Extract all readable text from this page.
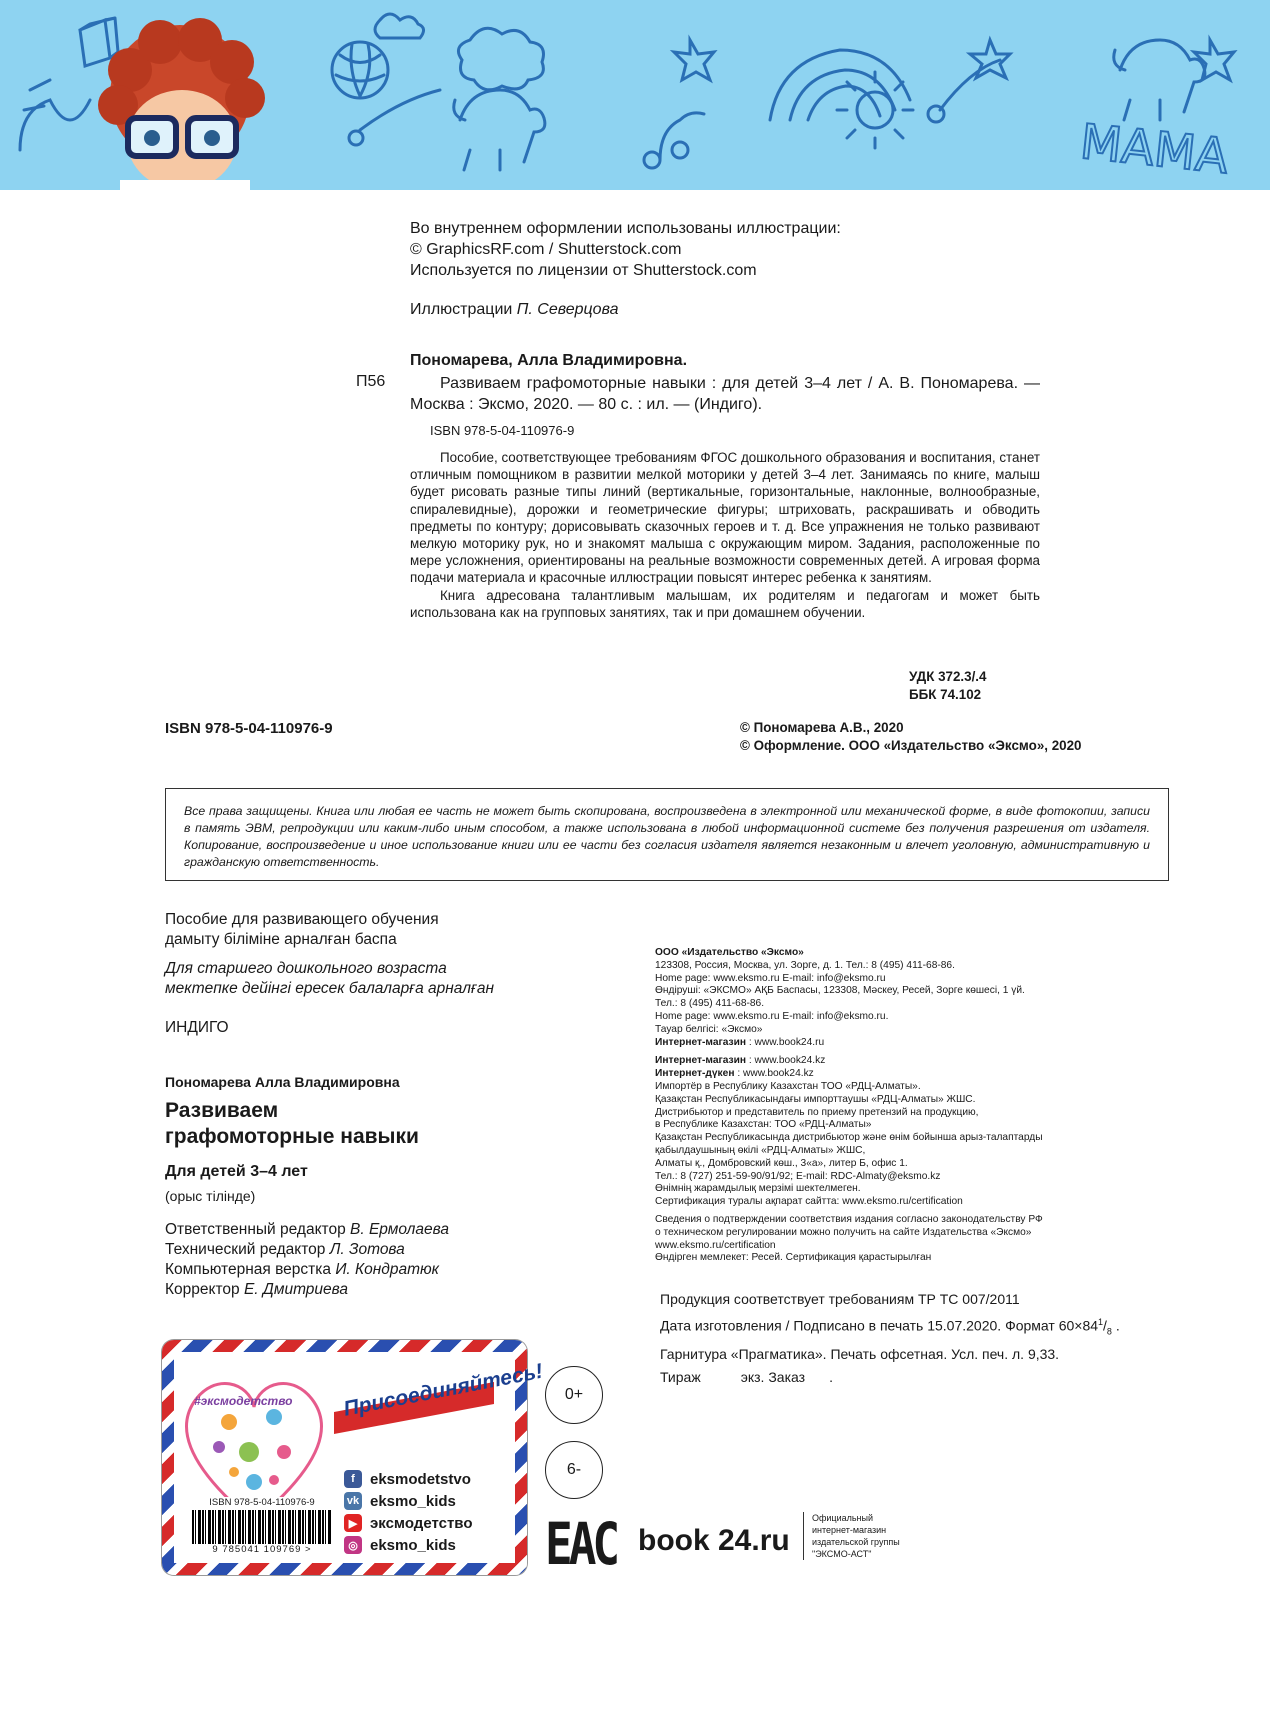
МАМА
Во внутреннем оформлении использованы иллюстрации:
© GraphicsRF.com / Shutterstock.com
Используется по лицензии от Shutterstock.com
Иллюстрации П. Северцова
Пономарева, Алла Владимировна.
П56	Развиваем графомоторные навыки : для детей 3–4 лет / А. В. Пономарева. — Москва : Эксмо, 2020. — 80 с. : ил. — (Индиго).
ISBN 978-5-04-110976-9

Пособие, соответствующее требованиям ФГОС дошкольного образования и воспитания, станет отличным помощником в развитии мелкой моторики у детей 3–4 лет. Занимаясь по книге, малыш будет рисовать разные типы линий (вертикальные, горизонтальные, наклонные, волнообразные, спиралевидные), дорожки и геометрические фигуры; штриховать, раскрашивать и обводить предметы по контуру; дорисовывать сказочных героев и т. д. Все упражнения не только развивают мелкую моторику рук, но и знакомят малыша с окружающим миром. Задания, расположенные по мере усложнения, ориентированы на реальные возможности современных детей. А игровая форма подачи материала и красочные иллюстрации повысят интерес ребенка к занятиям.

Книга адресована талантливым малышам, их родителям и педагогам и может быть использована как на групповых занятиях, так и при домашнем обучении.

УДК 372.3/.4
ББК 74.102
ISBN 978-5-04-110976-9	© Пономарева А.В., 2020
© Оформление. ООО «Издательство «Эксмо», 2020
Все права защищены. Книга или любая ее часть не может быть скопирована, воспроизведена в электронной или механической форме, в виде фотокопии, записи в память ЭВМ, репродукции или каким-либо иным способом, а также использована в любой информационной системе без получения разрешения от издателя. Копирование, воспроизведение и иное использование книги или ее части без согласия издателя является незаконным и влечет уголовную, административную и гражданскую ответственность.
Пособие для развивающего обучения
дамыту біліміне арналған баспа
Для старшего дошкольного возраста
мектепке дейінгі ересек балаларға арналған
ИНДИГО
Пономарева Алла Владимировна
Развиваем
графомоторные навыки
Для детей 3–4 лет
(орыс тілінде)
Ответственный редактор В. Ермолаева
Технический редактор Л. Зотова
Компьютерная верстка И. Кондратюк
Корректор Е. Дмитриева
ООО «Издательство «Эксмо»
123308, Россия, Москва, ул. Зорге, д. 1. Тел.: 8 (495) 411-68-86.
Home page: www.eksmo.ru E-mail: info@eksmo.ru
Өндіруші: «ЭКСМО» АҚБ Баспасы, 123308, Мәскеу, Ресей, Зорге көшесі, 1 үй.
Тел.: 8 (495) 411-68-86.
Home page: www.eksmo.ru E-mail: info@eksmo.ru.
Тауар белгісі: «Эксмо»
Интернет-магазин : www.book24.ru
Интернет-магазин : www.book24.kz
Интернет-дүкен : www.book24.kz
Импортёр в Республику Казахстан ТОО «РДЦ-Алматы».
Қазақстан Республикасындағы импорттаушы «РДЦ-Алматы» ЖШС.
Дистрибьютор и представитель по приему претензий на продукцию,
в Республике Казахстан: ТОО «РДЦ-Алматы»
Қазақстан Республикасында дистрибьютор және өнім бойынша арыз-талаптарды
қабылдаушының өкілі «РДЦ-Алматы» ЖШС,
Алматы қ., Домбровский көш., 3«а», литер Б, офис 1.
Тел.: 8 (727) 251-59-90/91/92; E-mail: RDC-Almaty@eksmo.kz
Өнімнің жарамдылық мерзімі шектелмеген.
Сертификация туралы ақпарат сайтта: www.eksmo.ru/certification
Сведения о подтверждении соответствия издания согласно законодательству РФ
о техническом регулировании можно получить на сайте Издательства «Эксмо»
www.eksmo.ru/certification
Өндірген мемлекет: Ресей. Сертификация қарастырылған
Продукция соответствует требованиям ТР ТС 007/2011
Дата изготовления / Подписано в печать 15.07.2020. Формат $60\times 84^1/_8$ .
Гарнитура «Прагматика». Печать офсетная. Усл. печ. л. 9,33.
Тираж	экз. Заказ .
#эксмодетство Присоединяйтесь!
f	eksmodetstvo
vk eksmo_kids
▶ эксмодетство
◎ eksmo_kids
ISBN 978-5-04-110976-9
9 785041 109769 >
0+
6-
EAC book 24.ru
Официальный
интернет-магазин
издательской группы
"ЭКСМО-АСТ"
